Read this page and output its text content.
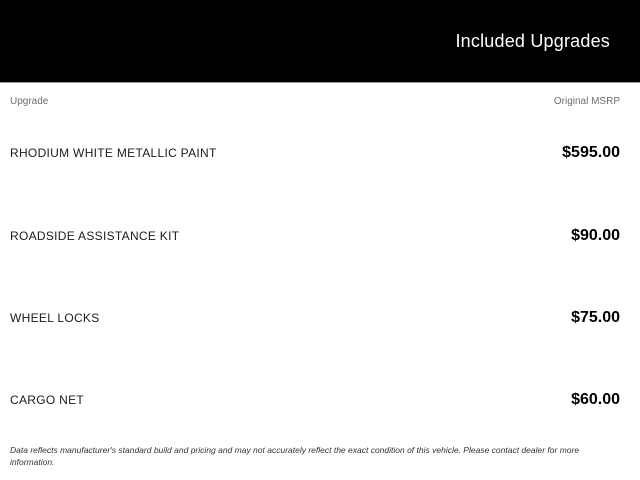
Included Upgrades
Upgrade	Original MSRP
RHODIUM WHITE METALLIC PAINT	$595.00
ROADSIDE ASSISTANCE KIT	$90.00
WHEEL LOCKS	$75.00
CARGO NET	$60.00
Data reflects manufacturer's standard build and pricing and may not accurately reflect the exact condition of this vehicle. Please contact dealer for more information.
